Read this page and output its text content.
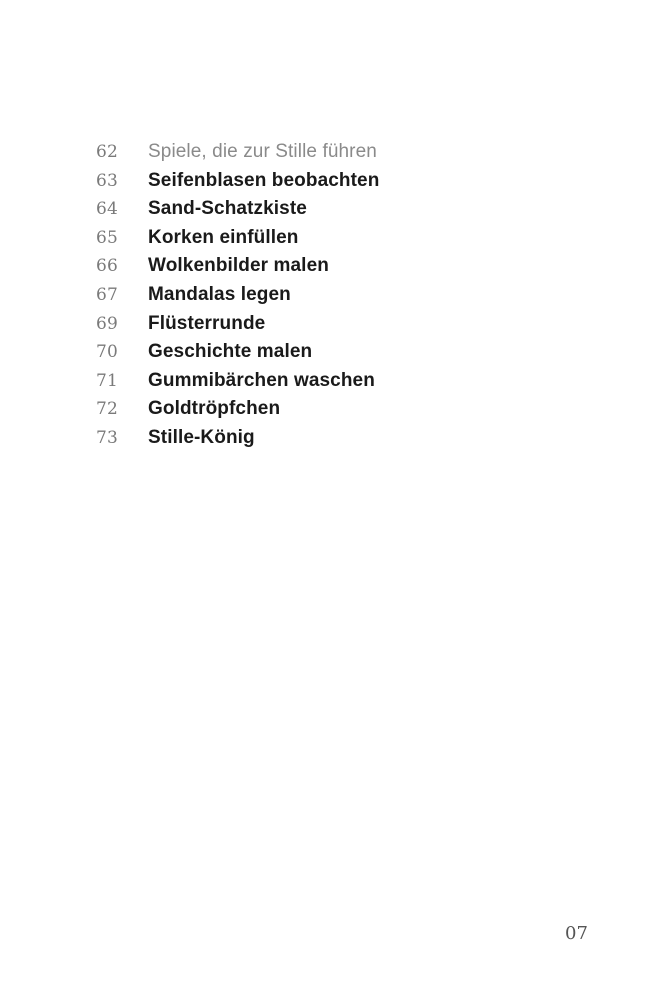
62	Spiele, die zur Stille führen
63	Seifenblasen beobachten
64	Sand-Schatzkiste
65	Korken einfüllen
66	Wolkenbilder malen
67	Mandalas legen
69	Flüsterrunde
70	Geschichte malen
71	Gummibärchen waschen
72	Goldtröpfchen
73	Stille-König
07
